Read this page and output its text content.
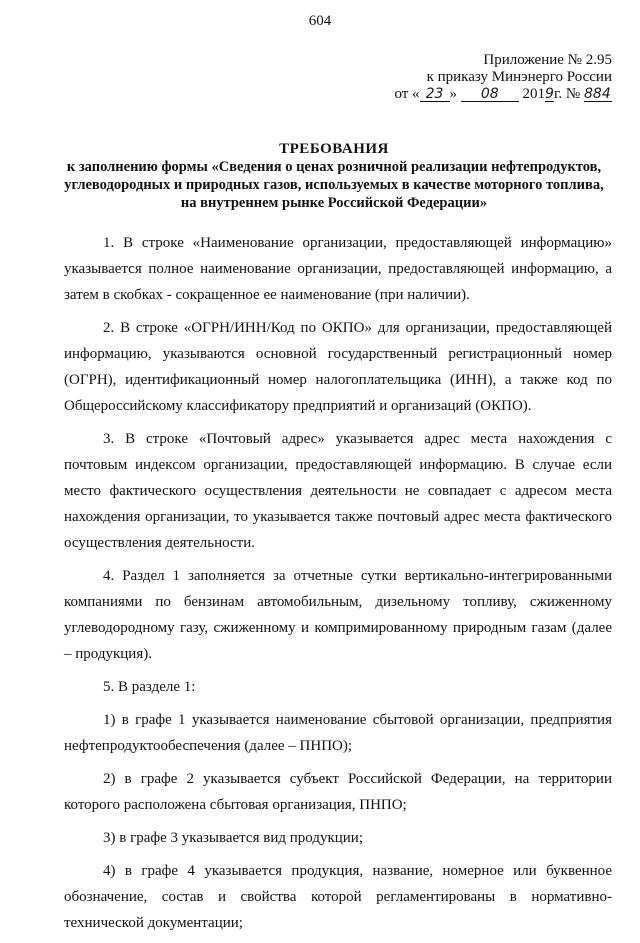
604
Приложение № 2.95
к приказу Минэнерго России
от « 23 » 08 2019г. № 884
ТРЕБОВАНИЯ
к заполнению формы «Сведения о ценах розничной реализации нефтепродуктов, углеводородных и природных газов, используемых в качестве моторного топлива, на внутреннем рынке Российской Федерации»

1. В строке «Наименование организации, предоставляющей информацию» указывается полное наименование организации, предоставляющей информацию, а затем в скобках - сокращенное ее наименование (при наличии).

2. В строке «ОГРН/ИНН/Код по ОКПО» для организации, предоставляющей информацию, указываются основной государственный регистрационный номер (ОГРН), идентификационный номер налогоплательщика (ИНН), а также код по Общероссийскому классификатору предприятий и организаций (ОКПО).

3. В строке «Почтовый адрес» указывается адрес места нахождения с почтовым индексом организации, предоставляющей информацию. В случае если место фактического осуществления деятельности не совпадает с адресом места нахождения организации, то указывается также почтовый адрес места фактического осуществления деятельности.

4. Раздел 1 заполняется за отчетные сутки вертикально-интегрированными компаниями по бензинам автомобильным, дизельному топливу, сжиженному углеводородному газу, сжиженному и компримированному природным газам (далее – продукция).

5. В разделе 1:

1) в графе 1 указывается наименование сбытовой организации, предприятия нефтепродуктообеспечения (далее – ПНПО);

2) в графе 2 указывается субъект Российской Федерации, на территории которого расположена сбытовая организация, ПНПО;

3) в графе 3 указывается вид продукции;

4) в графе 4 указывается продукция, название, номерное или буквенное обозначение, состав и свойства которой регламентированы в нормативно-технической документации;
